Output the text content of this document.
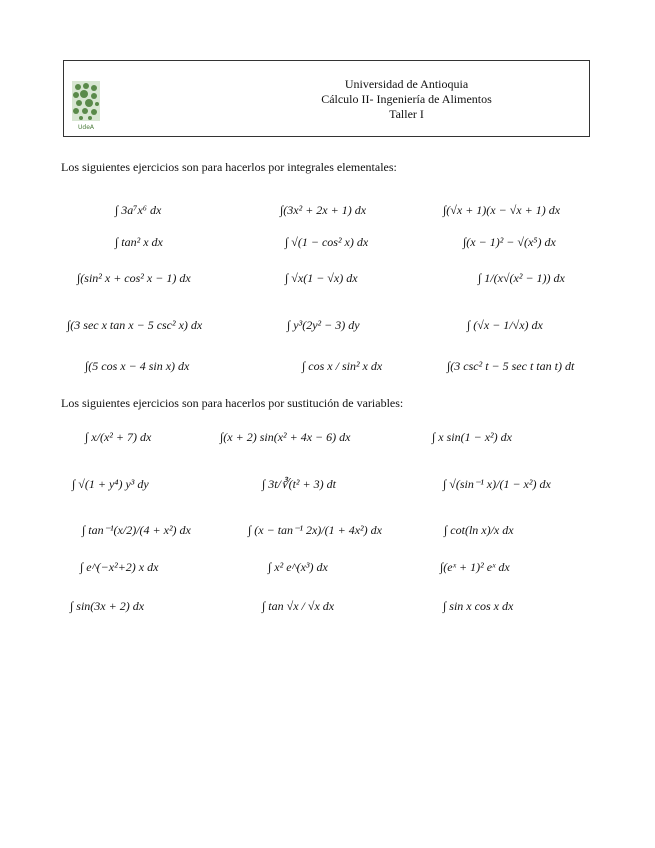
UdeA
Universidad de Antioquia
Cálculo II- Ingeniería de Alimentos
Taller I
Los siguientes ejercicios son para hacerlos por integrales elementales:
∫ 3a⁷x⁶ dx	∫(3x² + 2x + 1) dx	∫(√x + 1)(x − √x + 1) dx
∫ tan² x dx	∫ √(1 − cos² x) dx	∫(x − 1)² − √(x⁵) dx
∫(sin² x + cos² x − 1) dx	∫ √x(1 − √x) dx	∫ 1/(x√(x² − 1)) dx
∫(3 sec x tan x − 5 csc² x) dx	∫ y³(2y² − 3) dy	∫ (√x − 1/√x) dx
∫(5 cos x − 4 sin x) dx	∫ cos x / sin² x dx	∫(3 csc² t − 5 sec t tan t) dt
Los siguientes ejercicios son para hacerlos por sustitución de variables:
∫ x/(x² + 7) dx	∫(x + 2) sin(x² + 4x − 6) dx	∫ x sin(1 − x²) dx
∫ √(1 + y⁴) y³ dy	∫ 3t/∛(t² + 3) dt	∫ √(sin⁻¹ x)/(1 − x²) dx
∫ tan⁻¹(x/2)/(4 + x²) dx	∫ (x − tan⁻¹ 2x)/(1 + 4x²) dx	∫ cot(ln x)/x dx
∫ e^(−x²+2) x dx	∫ x² e^(x³) dx	∫(eˣ + 1)² eˣ dx
∫ sin(3x + 2) dx	∫ tan √x / √x dx	∫ sin x cos x dx
